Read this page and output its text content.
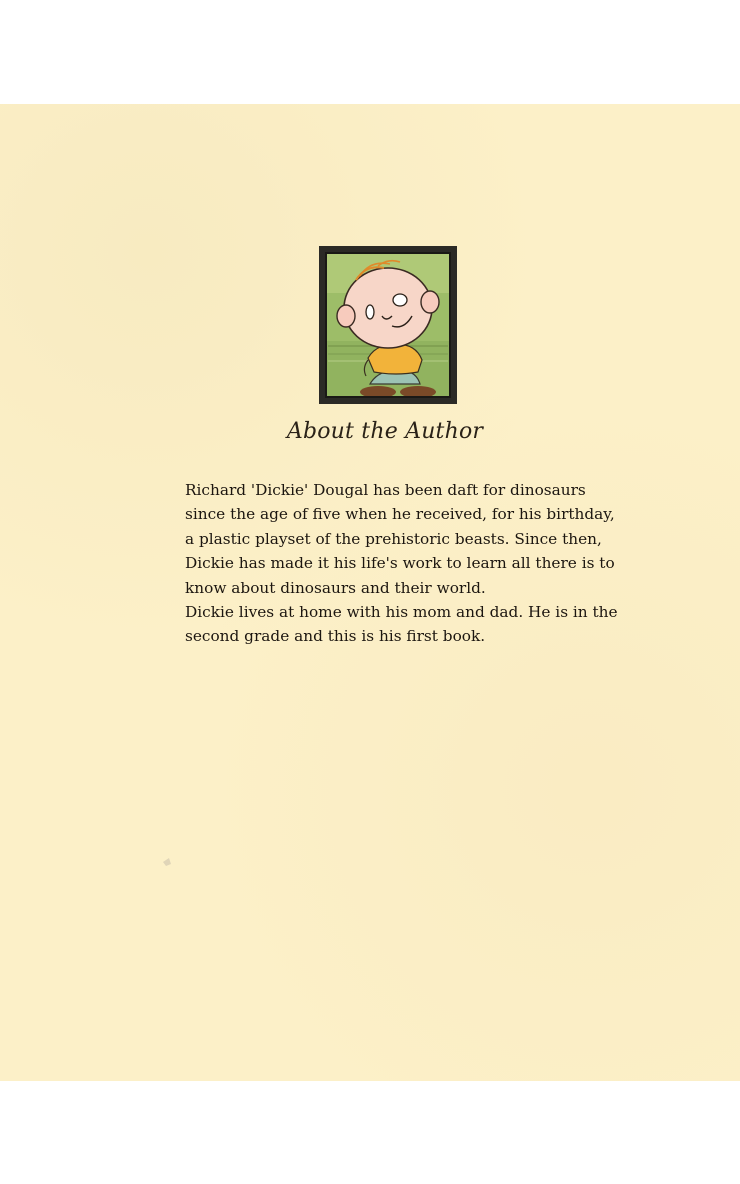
About the Author

Richard 'Dickie' Dougal has been daft for dinosaurs since the age of five when he received, for his birthday, a plastic playset of the prehistoric beasts. Since then, Dickie has made it his life's work to learn all there is to know about dinosaurs and their world.

Dickie lives at home with his mom and dad. He is in the second grade and this is his first book.
